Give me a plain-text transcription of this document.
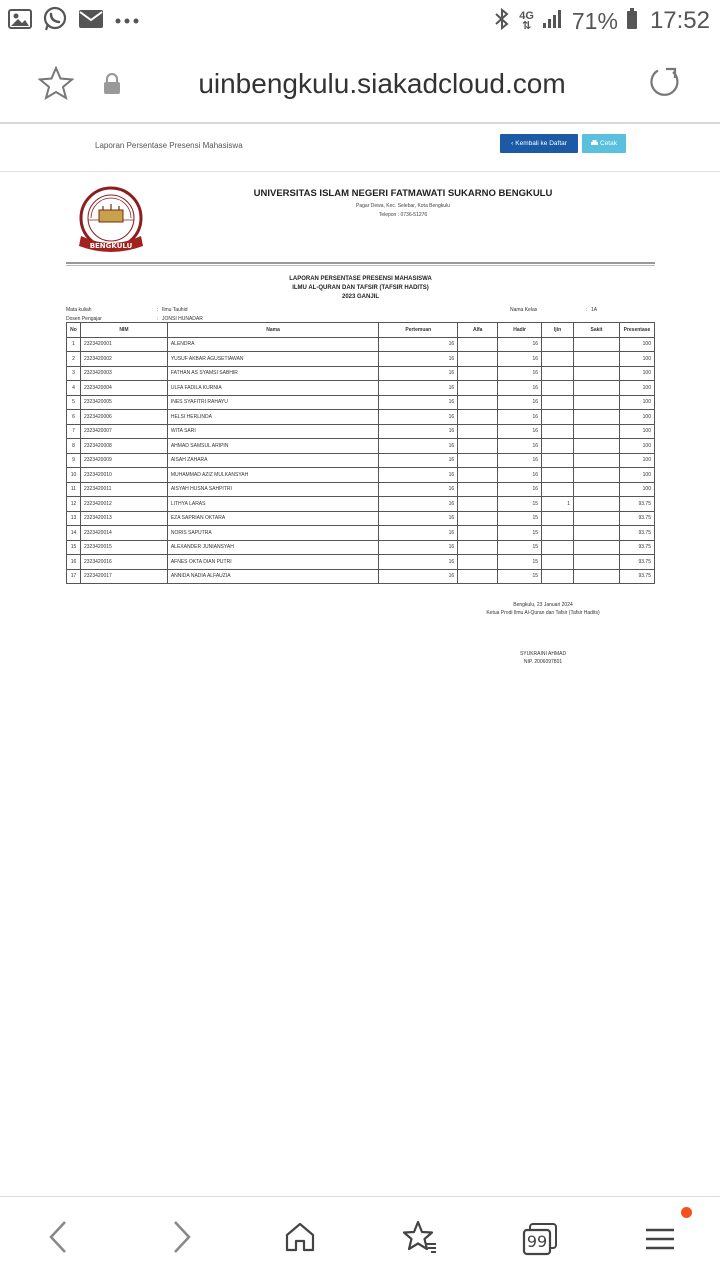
4G
⇅ 71% 17:52
uinbengkulu.siakadcloud.com
Laporan Persentase Presensi Mahasiswa	‹ Kembali ke Daftar	Cetak
BENGKULU
UNIVERSITAS ISLAM NEGERI FATMAWATI SUKARNO BENGKULU
Pagar Dewa, Kec. Selebar, Kota Bengkulu
Telepon : 0736-51276
LAPORAN PERSENTASE PRESENSI MAHASISWA
ILMU AL-QURAN DAN TAFSIR (TAFSIR HADITS)
2023 GANJIL
Mata kuliah	: Ilmu Tauhid
Dosen Pengajar	: JONSI HUNADAR
Nama Kelas	: 1A
No	NIM	Nama	Pertemuan	Alfa	Hadir	Ijin	Sakit	Presentase
1	2323420001	ALENDRA	16		16			100
2	2323420002	YUSUF AKBAR AGUSETIAWAN	16		16			100
3	2323420003	FATHAN AS SYAMSI SABHIR	16		16			100
4	2323420004	ULFA FADILA KURNIA	16		16			100
5	2323420005	INES SYAFITRI RAHAYU	16		16			100
6	2323420006	HELSI HERLINDA	16		16			100
7	2323420007	WITA SARI	16		16			100
8	2323420008	AHMAD SAMSUL ARIPIN	16		16			100
9	2323420009	AISAH ZAHARA	16		16			100
10	2323420010	MUHAMMAD AZIZ MULKANSYAH	16		16			100
11	2323420011	AISYAH HUSNA SAHPITRI	16		16			100
12	2323420012	LITHYA LARAS	16		15	1		93.75
13	2323420013	EZA SAPRIAN OKTARA	16		15			93.75
14	2323420014	NORIS SAPUTRA	16		15			93.75
15	2323420015	ALEXANDER JUNIANSYAH	16		15			93.75
16	2323420016	AFNES OKTA DIAN PUTRI	16		15			93.75
17	2323420017	ANNIDA NADIA ALFAUZIA	16		15			93.75
Bengkulu, 23 Januari 2024
Ketua Prodi Ilmu Al-Quran dan Tafsir (Tafsir Hadits)
SYUKRAINI AHMAD
NIP. 2006097801
99
